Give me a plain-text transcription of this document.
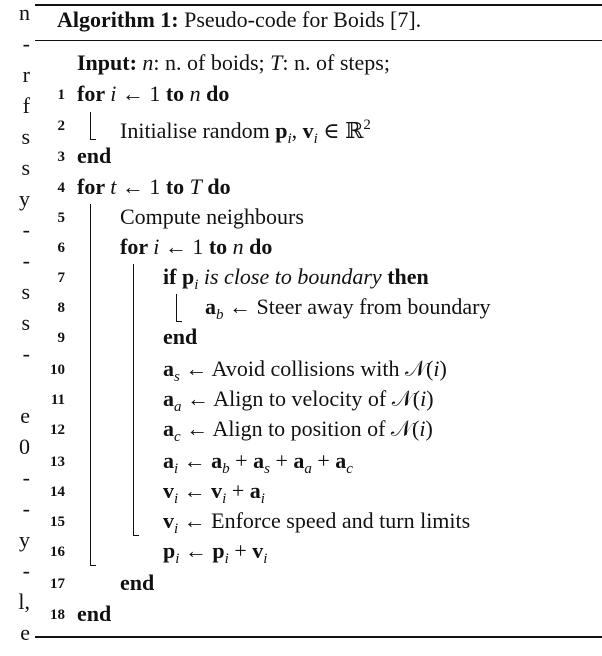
n
-
r
f
s
s
y
-
-
s
s
-
e
0
-
-
y
-
l,
e
Algorithm 1: Pseudo-code for Boids [7].
Input: n: n. of boids; T: n. of steps;
1 for i ← 1 to n do
2	Initialise random $p_i$, $v_i$ ∈ ℝ$^2$
3 end
4 for t ← 1 to T do
5	Compute neighbours
6	for i ← 1 to n do
7	if $p_i$ is close to boundary then
8	$a_b$ ← Steer away from boundary
9	end
10	$a_s$ ← Avoid collisions with 𝒩(i)
11	$a_a$ ← Align to velocity of 𝒩(i)
12	$a_c$ ← Align to position of 𝒩(i)
13	$a_i$ ← $a_b + a_s + a_a + a_c$
14	$v_i$ ← $v_i + a_i$
15	$v_i$ ← Enforce speed and turn limits
16	$p_i$ ← $p_i + v_i$
17	end
18 end
